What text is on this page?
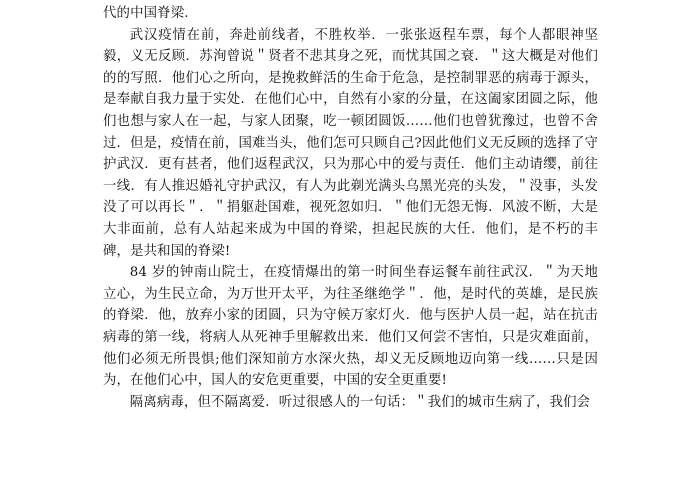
代的中国脊梁.

武汉疫情在前，奔赴前线者，不胜枚举．一张张返程车票，每个人都眼神坚毅，义无反顾．苏洵曾说＂贤者不悲其身之死，而忧其国之衰．＂这大概是对他们的的写照．他们心之所向，是挽救鲜活的生命于危急，是控制罪恶的病毒于源头，是奉献自我力量于实处．在他们心中，自然有小家的分量，在这阖家团圆之际，他们也想与家人在一起，与家人团聚，吃一顿团圆饭……他们也曾犹豫过，也曾不舍过．但是，疫情在前，国难当头，他们怎可只顾自己?因此他们义无反顾的选择了守护武汉．更有甚者，他们返程武汉，只为那心中的爱与责任．他们主动请缨，前往一线．有人推迟婚礼守护武汉，有人为此剃光满头乌黑光亮的头发，＂没事，头发没了可以再长＂．＂捐躯赴国难，视死忽如归．＂他们无怨无悔．风波不断，大是大非面前，总有人站起来成为中国的脊梁，担起民族的大任．他们，是不朽的丰碑，是共和国的脊梁!

84 岁的钟南山院士，在疫情爆出的第一时间坐春运餐车前往武汉．＂为天地立心，为生民立命，为万世开太平，为往圣继绝学＂．他，是时代的英雄，是民族的脊梁．他，放弃小家的团圆，只为守候万家灯火．他与医护人员一起，站在抗击病毒的第一线，将病人从死神手里解救出来．他们又何尝不害怕，只是灾难面前，他们必须无所畏惧;他们深知前方水深火热，却义无反顾地迈向第一线……只是因为，在他们心中，国人的安危更重要，中国的安全更重要!

隔离病毒，但不隔离爱．听过很感人的一句话：＂我们的城市生病了，我们会
